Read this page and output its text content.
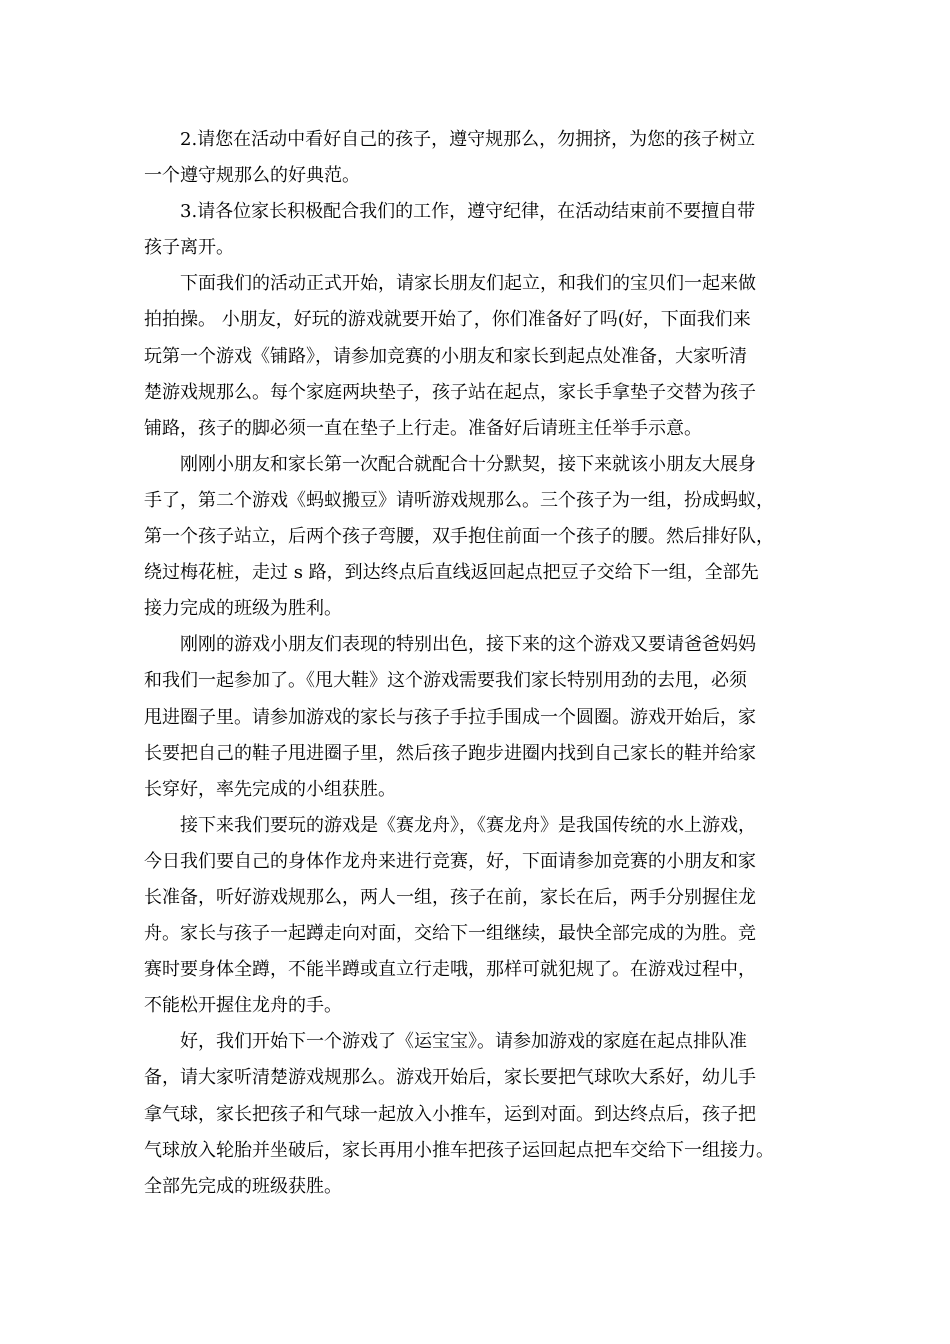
2.请您在活动中看好自己的孩子，遵守规那么，勿拥挤，为您的孩子树立
一个遵守规那么的好典范。
3.请各位家长积极配合我们的工作，遵守纪律，在活动结束前不要擅自带
孩子离开。
下面我们的活动正式开始，请家长朋友们起立，和我们的宝贝们一起来做
拍拍操。 小朋友，好玩的游戏就要开始了，你们准备好了吗(好，下面我们来
玩第一个游戏《铺路》，请参加竞赛的小朋友和家长到起点处准备，大家听清
楚游戏规那么。每个家庭两块垫子，孩子站在起点，家长手拿垫子交替为孩子
铺路，孩子的脚必须一直在垫子上行走。准备好后请班主任举手示意。
刚刚小朋友和家长第一次配合就配合十分默契，接下来就该小朋友大展身
手了，第二个游戏《蚂蚁搬豆》请听游戏规那么。三个孩子为一组，扮成蚂蚁，
第一个孩子站立，后两个孩子弯腰，双手抱住前面一个孩子的腰。然后排好队，
绕过梅花桩，走过 s 路，到达终点后直线返回起点把豆子交给下一组，全部先
接力完成的班级为胜利。
刚刚的游戏小朋友们表现的特别出色，接下来的这个游戏又要请爸爸妈妈
和我们一起参加了。《甩大鞋》这个游戏需要我们家长特别用劲的去甩，必须
甩进圈子里。请参加游戏的家长与孩子手拉手围成一个圆圈。游戏开始后，家
长要把自己的鞋子甩进圈子里，然后孩子跑步进圈内找到自己家长的鞋并给家
长穿好，率先完成的小组获胜。
接下来我们要玩的游戏是《赛龙舟》，《赛龙舟》是我国传统的水上游戏，
今日我们要自己的身体作龙舟来进行竞赛，好，下面请参加竞赛的小朋友和家
长准备，听好游戏规那么，两人一组，孩子在前，家长在后，两手分别握住龙
舟。家长与孩子一起蹲走向对面，交给下一组继续，最快全部完成的为胜。竞
赛时要身体全蹲，不能半蹲或直立行走哦，那样可就犯规了。在游戏过程中，
不能松开握住龙舟的手。
好，我们开始下一个游戏了《运宝宝》。请参加游戏的家庭在起点排队准
备，请大家听清楚游戏规那么。游戏开始后，家长要把气球吹大系好，幼儿手
拿气球，家长把孩子和气球一起放入小推车，运到对面。到达终点后，孩子把
气球放入轮胎并坐破后，家长再用小推车把孩子运回起点把车交给下一组接力。
全部先完成的班级获胜。
